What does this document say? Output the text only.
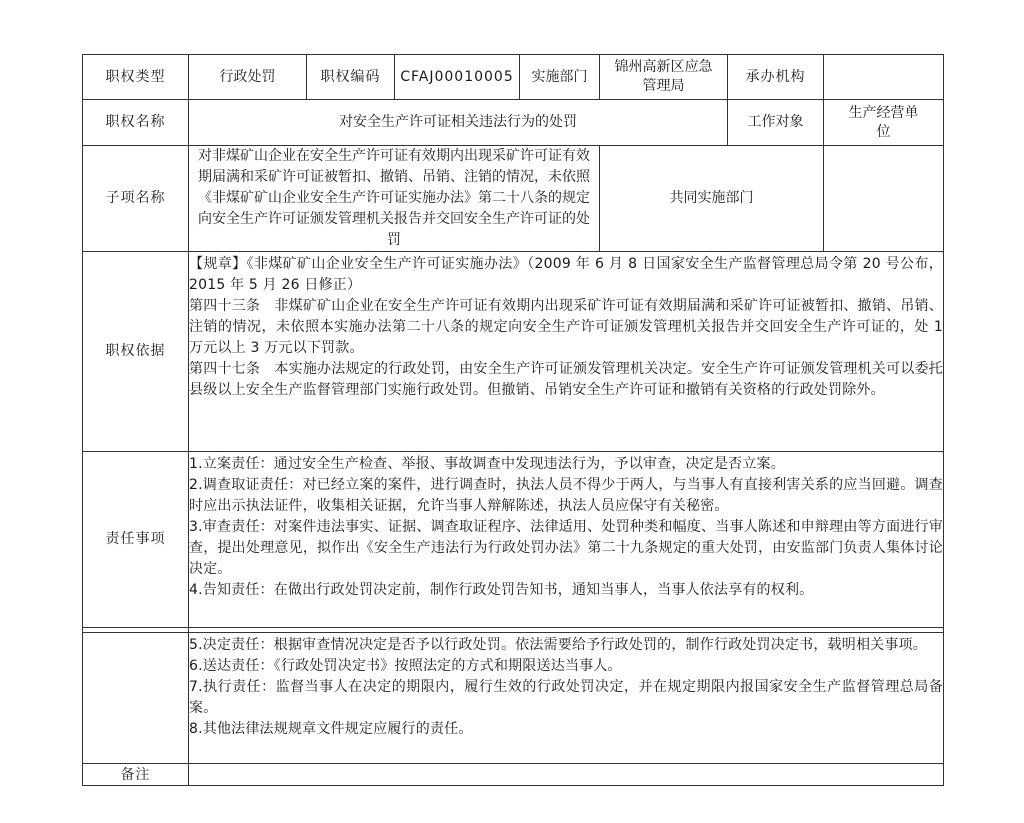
职权类型	行政处罚	职权编码	CFAJ00010005	实施部门	锦州高新区应急管理局	承办机构	
职权名称	对安全生产许可证相关违法行为的处罚					工作对象	生产经营单位
子项名称	对非煤矿山企业在安全生产许可证有效期内出现采矿许可证有效期届满和采矿许可证被暂扣、撤销、吊销、注销的情况，未依照《非煤矿矿山企业安全生产许可证实施办法》第二十八条的规定向安全生产许可证颁发管理机关报告并交回安全生产许可证的处罚				共同实施部门		
职权依据	【规章】《非煤矿矿山企业安全生产许可证实施办法》（2009 年 6 月 8 日国家安全生产监督管理总局令第 20 号公布，2015 年 5 月 26 日修正）

第四十三条　非煤矿矿山企业在安全生产许可证有效期内出现采矿许可证有效期届满和采矿许可证被暂扣、撤销、吊销、注销的情况，未依照本实施办法第二十八条的规定向安全生产许可证颁发管理机关报告并交回安全生产许可证的，处 1 万元以上 3 万元以下罚款。

第四十七条　本实施办法规定的行政处罚，由安全生产许可证颁发管理机关决定。安全生产许可证颁发管理机关可以委托县级以上安全生产监督管理部门实施行政处罚。但撤销、吊销安全生产许可证和撤销有关资格的行政处罚除外。						

责任事项	1.立案责任：通过安全生产检查、举报、事故调查中发现违法行为，予以审查，决定是否立案。

2.调查取证责任：对已经立案的案件，进行调查时，执法人员不得少于两人，与当事人有直接利害关系的应当回避。调查时应出示执法证件，收集相关证据，允许当事人辩解陈述，执法人员应保守有关秘密。

3.审查责任：对案件违法事实、证据、调查取证程序、法律适用、处罚种类和幅度、当事人陈述和申辩理由等方面进行审查，提出处理意见，拟作出《安全生产违法行为行政处罚办法》第二十九条规定的重大处罚，由安监部门负责人集体讨论决定。

4.告知责任：在做出行政处罚决定前，制作行政处罚告知书，通知当事人，当事人依法享有的权利。						

	5.决定责任：根据审查情况决定是否予以行政处罚。依法需要给予行政处罚的，制作行政处罚决定书，载明相关事项。

6.送达责任：《行政处罚决定书》按照法定的方式和期限送达当事人。

7.执行责任：监督当事人在决定的期限内，履行生效的行政处罚决定，并在规定期限内报国家安全生产监督管理总局备案。

8.其他法律法规规章文件规定应履行的责任。						

备注							
